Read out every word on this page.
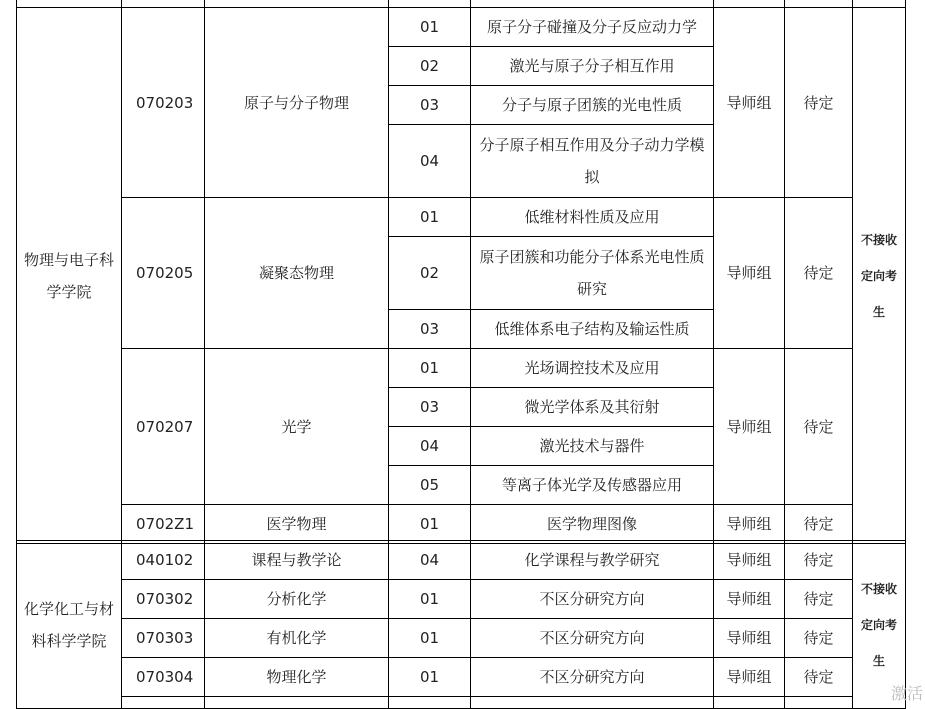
物理与电子科学学院	070203	原子与分子物理	01	原子分子碰撞及分子反应动力学	导师组	待定	不接收定向考生
			02	激光与原子分子相互作用			
			03	分子与原子团簇的光电性质			
			04	分子原子相互作用及分子动力学模拟			
	070205	凝聚态物理	01	低维材料性质及应用	导师组	待定	
			02	原子团簇和功能分子体系光电性质研究			
			03	低维体系电子结构及输运性质			
	070207	光学	01	光场调控技术及应用	导师组	待定	
			03	微光学体系及其衍射			
			04	激光技术与器件			
			05	等离子体光学及传感器应用			
	0702Z1	医学物理	01	医学物理图像	导师组	待定	
化学化工与材料科学学院	040102	课程与教学论	04	化学课程与教学研究	导师组	待定	不接收定向考生
	070302	分析化学	01	不区分研究方向	导师组	待定	
	070303	有机化学	01	不区分研究方向	导师组	待定	
	070304	物理化学	01	不区分研究方向	导师组	待定	

激活
